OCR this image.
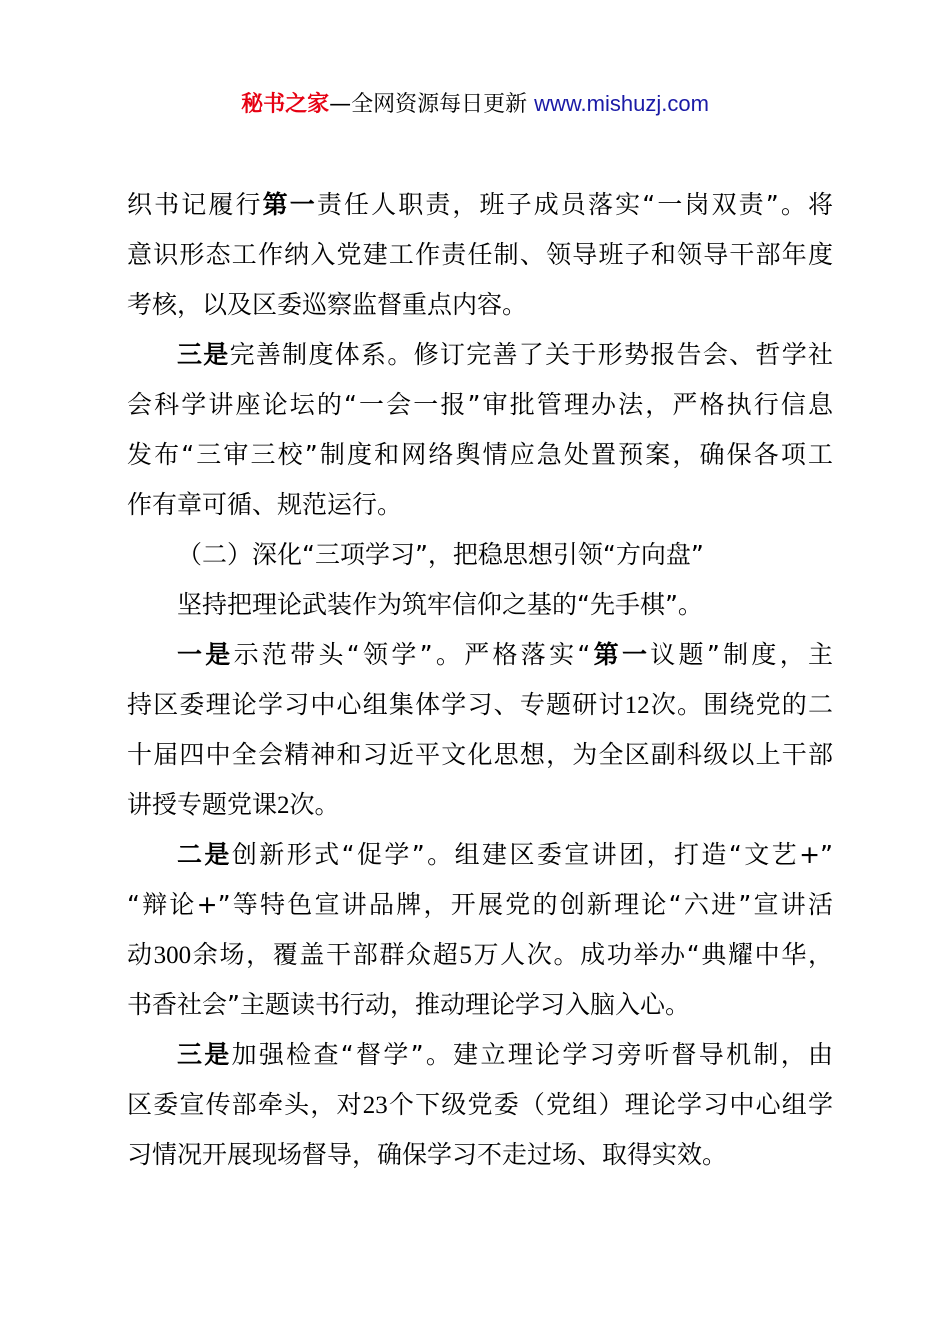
秘书之家—全网资源每日更新 www.mishuzj.com
织书记履行第一责任人职责，班子成员落实“一岗双责”。将
意识形态工作纳入党建工作责任制、领导班子和领导干部年度
考核，以及区委巡察监督重点内容。
三是完善制度体系。修订完善了关于形势报告会、哲学社
会科学讲座论坛的“一会一报”审批管理办法，严格执行信息
发布“三审三校”制度和网络舆情应急处置预案，确保各项工
作有章可循、规范运行。
（二）深化“三项学习”，把稳思想引领“方向盘”
坚持把理论武装作为筑牢信仰之基的“先手棋”。
一是示范带头“领学”。严格落实“第一议题”制度，主
持区委理论学习中心组集体学习、专题研讨12次。围绕党的二
十届四中全会精神和习近平文化思想，为全区副科级以上干部
讲授专题党课2次。
二是创新形式“促学”。组建区委宣讲团，打造“文艺+”
“辩论+”等特色宣讲品牌，开展党的创新理论“六进”宣讲活
动300余场，覆盖干部群众超5万人次。成功举办“典耀中华，
书香社会”主题读书行动，推动理论学习入脑入心。
三是加强检查“督学”。建立理论学习旁听督导机制，由
区委宣传部牵头，对23个下级党委（党组）理论学习中心组学
习情况开展现场督导，确保学习不走过场、取得实效。
